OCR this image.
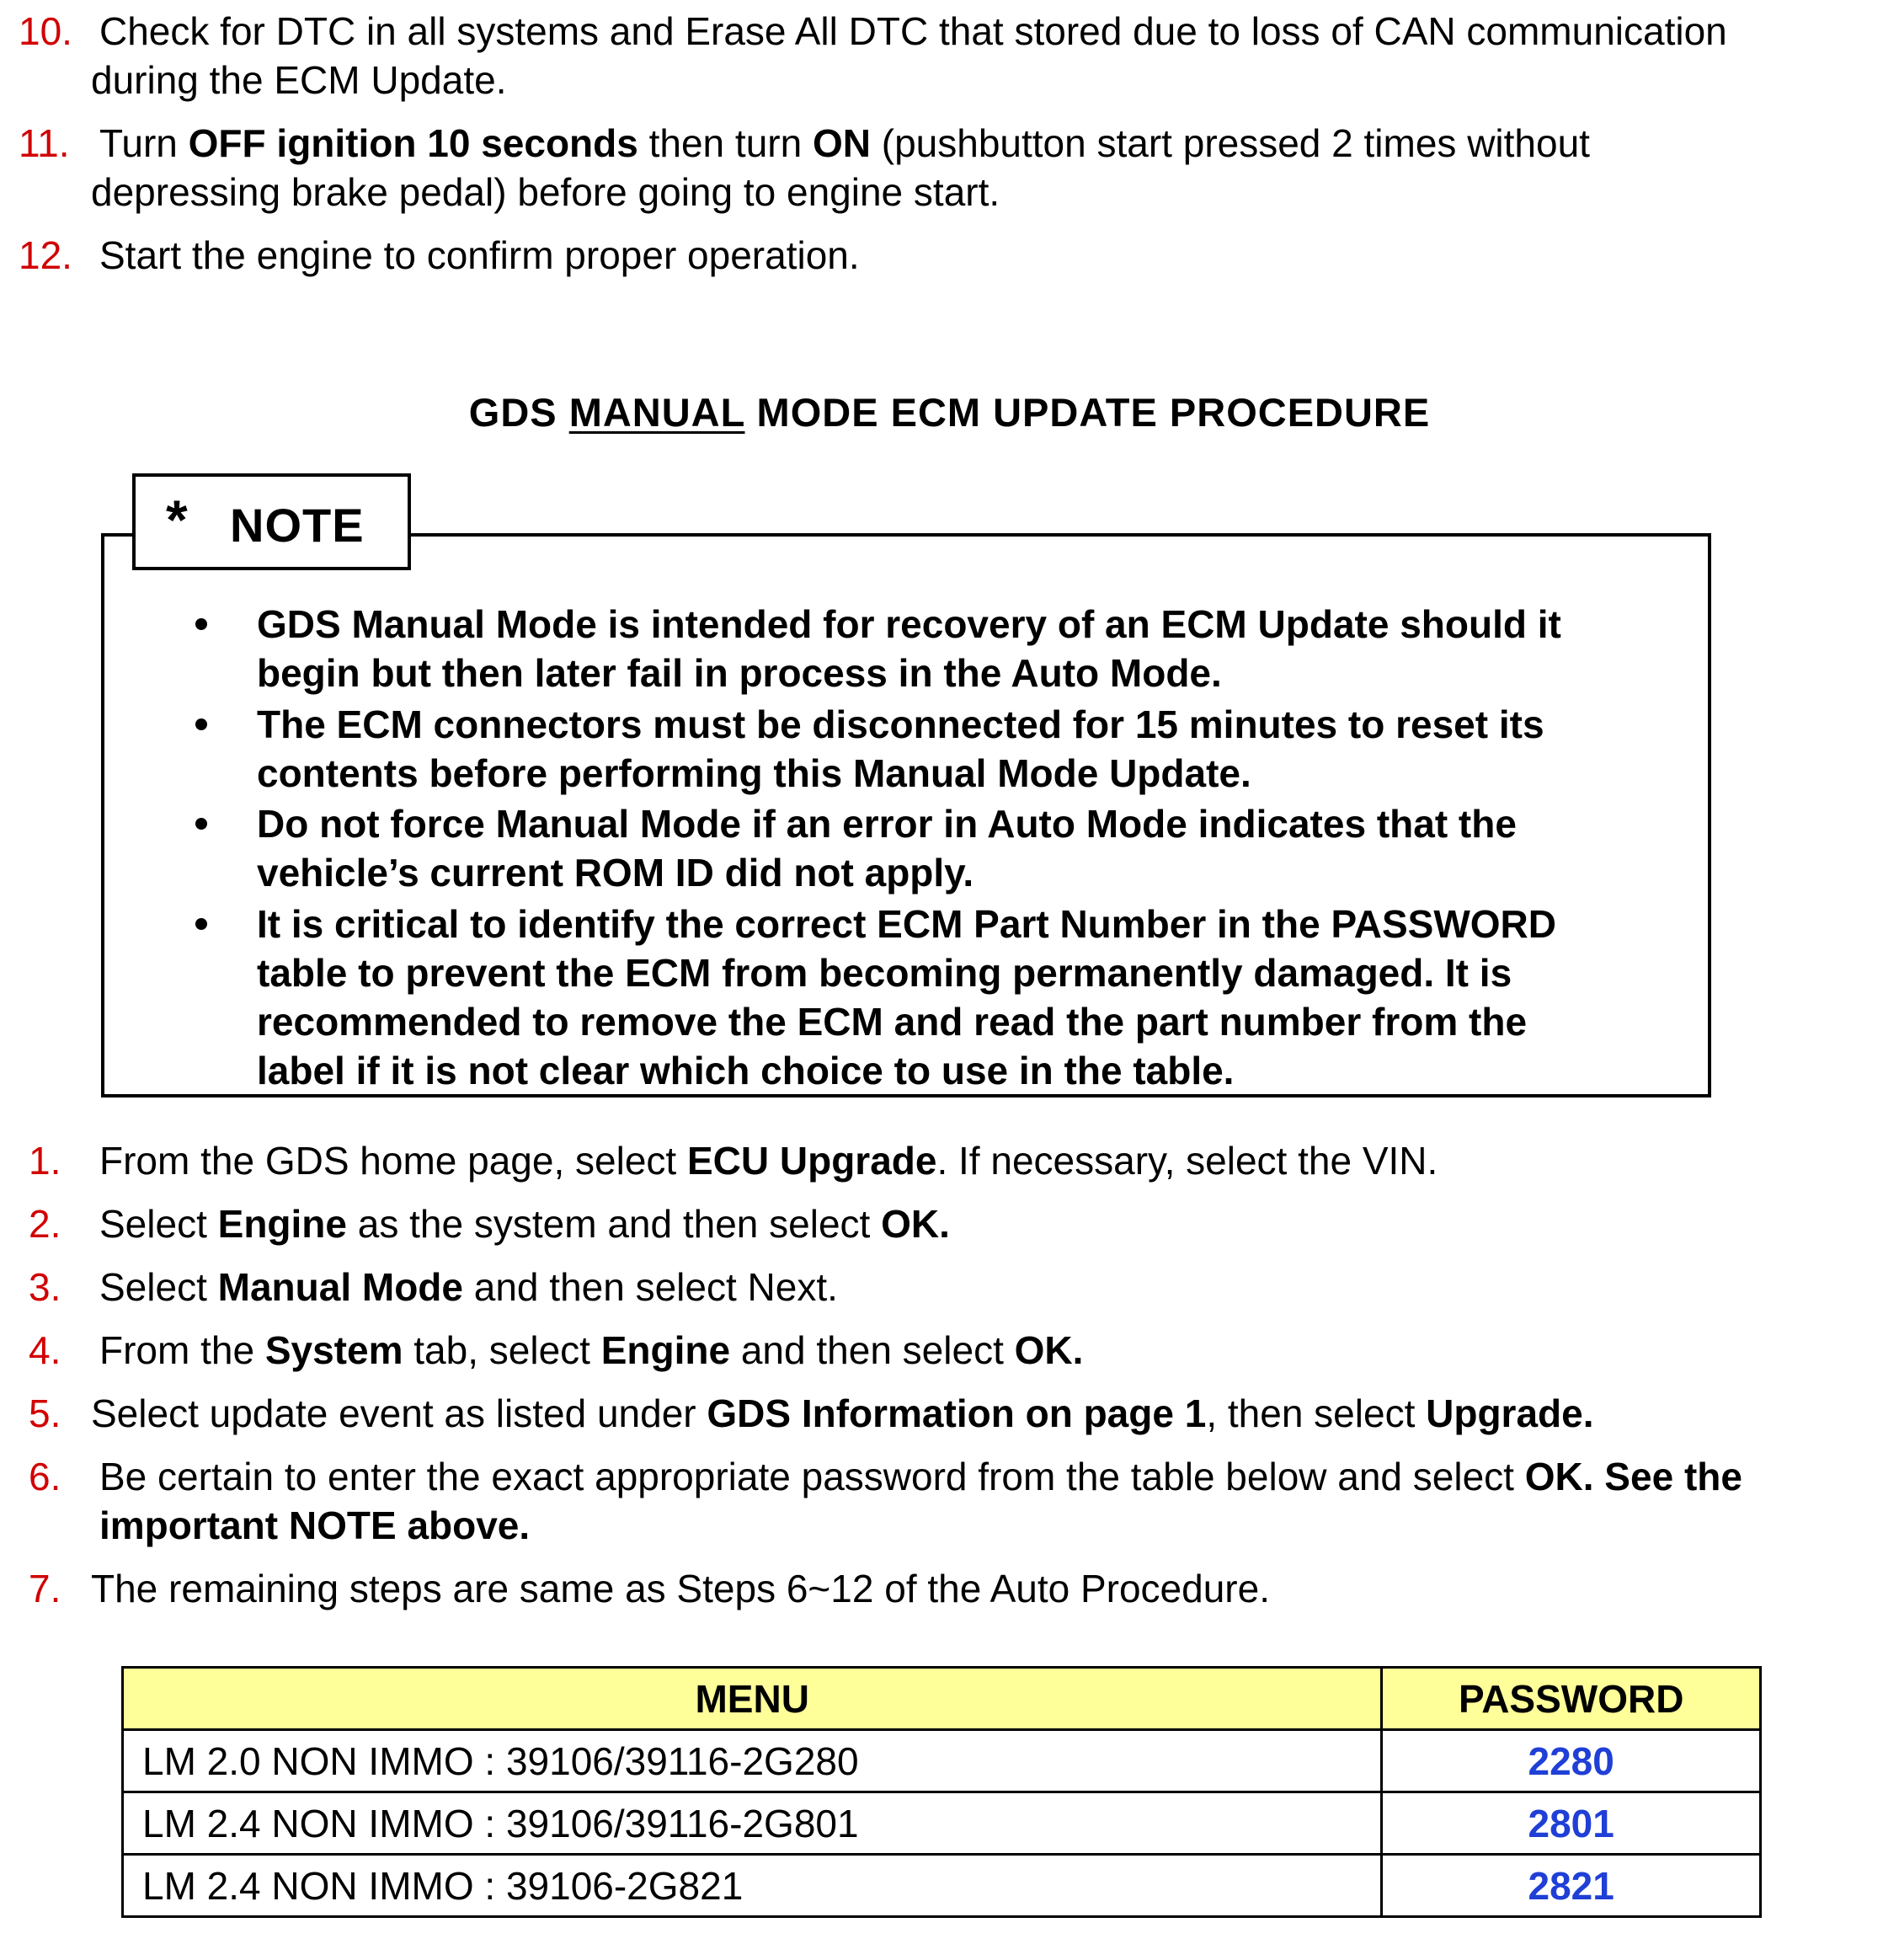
10. Check for DTC in all systems and Erase All DTC that stored due to loss of CAN communication
during the ECM Update.
11. Turn OFF ignition 10 seconds then turn ON (pushbutton start pressed 2 times without
depressing brake pedal) before going to engine start.
12. Start the engine to confirm proper operation.
GDS MANUAL MODE ECM UPDATE PROCEDURE
* NOTE
GDS Manual Mode is intended for recovery of an ECM Update should it
begin but then later fail in process in the Auto Mode.
The ECM connectors must be disconnected for 15 minutes to reset its
contents before performing this Manual Mode Update.
Do not force Manual Mode if an error in Auto Mode indicates that the
vehicle’s current ROM ID did not apply.
It is critical to identify the correct ECM Part Number in the PASSWORD
table to prevent the ECM from becoming permanently damaged. It is
recommended to remove the ECM and read the part number from the
label if it is not clear which choice to use in the table.
1. From the GDS home page, select ECU Upgrade. If necessary, select the VIN.
2. Select Engine as the system and then select OK.
3. Select Manual Mode and then select Next.
4. From the System tab, select Engine and then select OK.
5. Select update event as listed under GDS Information on page 1, then select Upgrade.
6. Be certain to enter the exact appropriate password from the table below and select OK. See the
important NOTE above.
7. The remaining steps are same as Steps 6~12 of the Auto Procedure.
MENU	PASSWORD
LM 2.0 NON IMMO : 39106/39116-2G280	2280
LM 2.4 NON IMMO : 39106/39116-2G801	2801
LM 2.4 NON IMMO : 39106-2G821	2821
